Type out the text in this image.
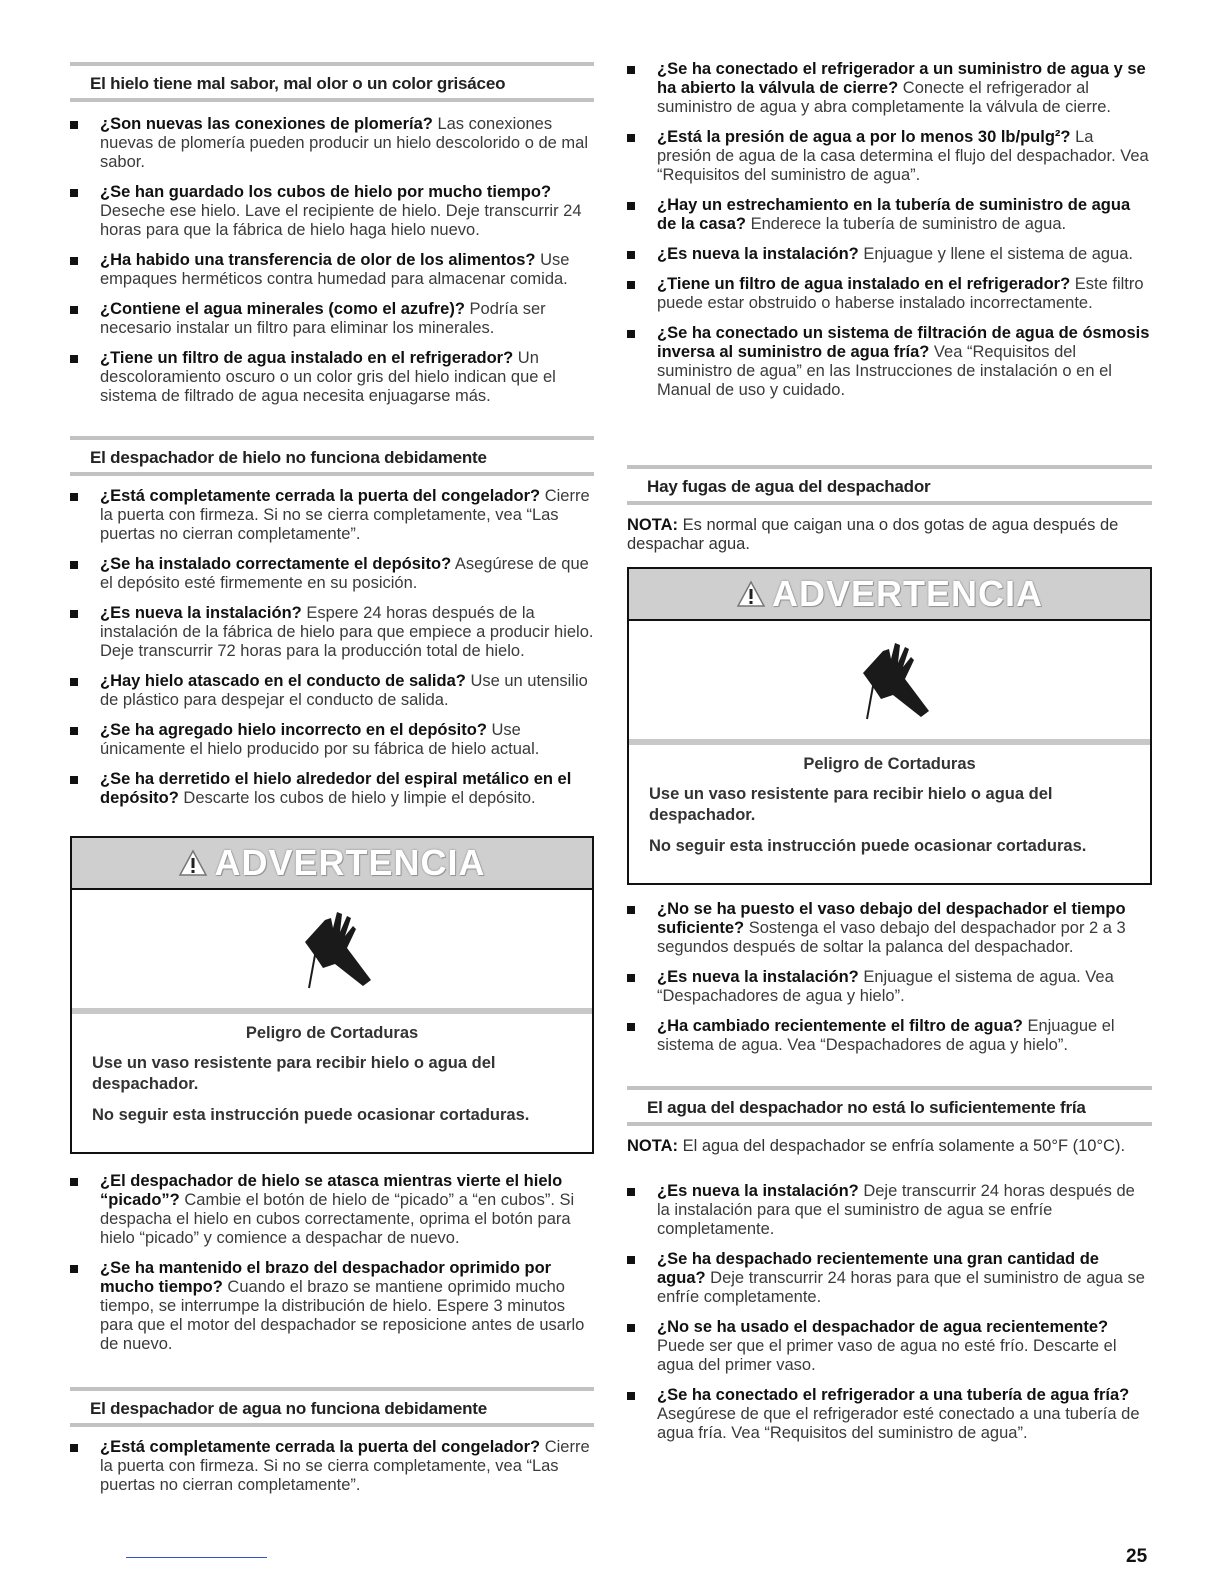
El hielo tiene mal sabor, mal olor o un color grisáceo
¿Son nuevas las conexiones de plomería? Las conexiones nuevas de plomería pueden producir un hielo descolorido o de mal sabor.
¿Se han guardado los cubos de hielo por mucho tiempo? Deseche ese hielo. Lave el recipiente de hielo. Deje transcurrir 24 horas para que la fábrica de hielo haga hielo nuevo.
¿Ha habido una transferencia de olor de los alimentos? Use empaques herméticos contra humedad para almacenar comida.
¿Contiene el agua minerales (como el azufre)? Podría ser necesario instalar un filtro para eliminar los minerales.
¿Tiene un filtro de agua instalado en el refrigerador? Un descoloramiento oscuro o un color gris del hielo indican que el sistema de filtrado de agua necesita enjuagarse más.
El despachador de hielo no funciona debidamente
¿Está completamente cerrada la puerta del congelador? Cierre la puerta con firmeza. Si no se cierra completamente, vea “Las puertas no cierran completamente”.
¿Se ha instalado correctamente el depósito? Asegúrese de que el depósito esté firmemente en su posición.
¿Es nueva la instalación? Espere 24 horas después de la instalación de la fábrica de hielo para que empiece a producir hielo. Deje transcurrir 72 horas para la producción total de hielo.
¿Hay hielo atascado en el conducto de salida? Use un utensilio de plástico para despejar el conducto de salida.
¿Se ha agregado hielo incorrecto en el depósito? Use únicamente el hielo producido por su fábrica de hielo actual.
¿Se ha derretido el hielo alrededor del espiral metálico en el depósito? Descarte los cubos de hielo y limpie el depósito.
ADVERTENCIA
Peligro de Cortaduras
Use un vaso resistente para recibir hielo o agua del despachador.
No seguir esta instrucción puede ocasionar cortaduras.
¿El despachador de hielo se atasca mientras vierte el hielo “picado”? Cambie el botón de hielo de “picado” a “en cubos”. Si despacha el hielo en cubos correctamente, oprima el botón para hielo “picado” y comience a despachar de nuevo.
¿Se ha mantenido el brazo del despachador oprimido por mucho tiempo? Cuando el brazo se mantiene oprimido mucho tiempo, se interrumpe la distribución de hielo. Espere 3 minutos para que el motor del despachador se reposicione antes de usarlo de nuevo.
El despachador de agua no funciona debidamente
¿Está completamente cerrada la puerta del congelador? Cierre la puerta con firmeza. Si no se cierra completamente, vea “Las puertas no cierran completamente”.
¿Se ha conectado el refrigerador a un suministro de agua y se ha abierto la válvula de cierre? Conecte el refrigerador al suministro de agua y abra completamente la válvula de cierre.
¿Está la presión de agua a por lo menos 30 lb/pulg²? La presión de agua de la casa determina el flujo del despachador. Vea “Requisitos del suministro de agua”.
¿Hay un estrechamiento en la tubería de suministro de agua de la casa? Enderece la tubería de suministro de agua.
¿Es nueva la instalación? Enjuague y llene el sistema de agua.
¿Tiene un filtro de agua instalado en el refrigerador? Este filtro puede estar obstruido o haberse instalado incorrectamente.
¿Se ha conectado un sistema de filtración de agua de ósmosis inversa al suministro de agua fría? Vea “Requisitos del suministro de agua” en las Instrucciones de instalación o en el Manual de uso y cuidado.
Hay fugas de agua del despachador
NOTA: Es normal que caigan una o dos gotas de agua después de despachar agua.
ADVERTENCIA
Peligro de Cortaduras
Use un vaso resistente para recibir hielo o agua del despachador.
No seguir esta instrucción puede ocasionar cortaduras.
¿No se ha puesto el vaso debajo del despachador el tiempo suficiente? Sostenga el vaso debajo del despachador por 2 a 3 segundos después de soltar la palanca del despachador.
¿Es nueva la instalación? Enjuague el sistema de agua. Vea “Despachadores de agua y hielo”.
¿Ha cambiado recientemente el filtro de agua? Enjuague el sistema de agua. Vea “Despachadores de agua y hielo”.
El agua del despachador no está lo suficientemente fría
NOTA: El agua del despachador se enfría solamente a 50°F (10°C).
¿Es nueva la instalación? Deje transcurrir 24 horas después de la instalación para que el suministro de agua se enfríe completamente.
¿Se ha despachado recientemente una gran cantidad de agua? Deje transcurrir 24 horas para que el suministro de agua se enfríe completamente.
¿No se ha usado el despachador de agua recientemente? Puede ser que el primer vaso de agua no esté frío. Descarte el agua del primer vaso.
¿Se ha conectado el refrigerador a una tubería de agua fría? Asegúrese de que el refrigerador esté conectado a una tubería de agua fría. Vea “Requisitos del suministro de agua”.
25
